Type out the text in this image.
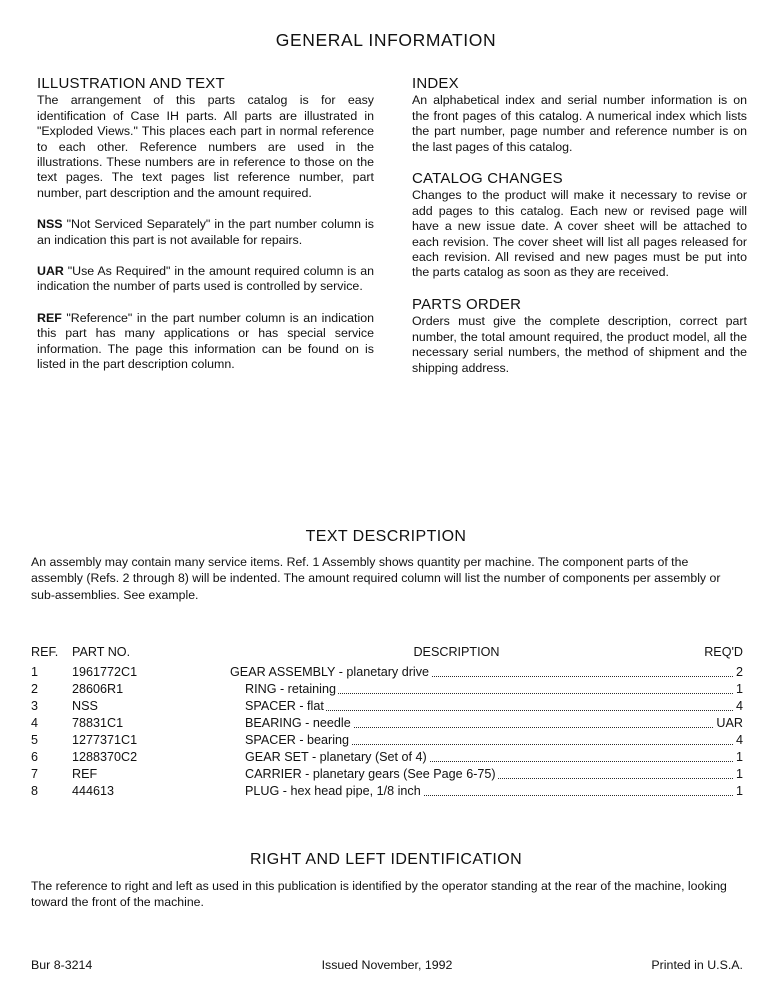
GENERAL INFORMATION
ILLUSTRATION AND TEXT

The arrangement of this parts catalog is for easy identification of Case IH parts. All parts are illustrated in "Exploded Views." This places each part in normal reference to each other. Reference numbers are used in the illustrations. These numbers are in reference to those on the text pages. The text pages list reference number, part number, part description and the amount required.

NSS "Not Serviced Separately" in the part number column is an indication this part is not available for repairs.

UAR "Use As Required" in the amount required column is an indication the number of parts used is controlled by service.

REF "Reference" in the part number column is an indication this part has many applications or has special service information. The page this information can be found on is listed in the part description column.

INDEX

An alphabetical index and serial number information is on the front pages of this catalog. A numerical index which lists the part number, page number and reference number is on the last pages of this catalog.

CATALOG CHANGES

Changes to the product will make it necessary to revise or add pages to this catalog. Each new or revised page will have a new issue date. A cover sheet will be attached to each revision. The cover sheet will list all pages released for each revision. All revised and new pages must be put into the parts catalog as soon as they are received.

PARTS ORDER

Orders must give the complete description, correct part number, the total amount required, the product model, all the necessary serial numbers, the method of shipment and the shipping address.

TEXT DESCRIPTION
An assembly may contain many service items. Ref. 1 Assembly shows quantity per machine. The component parts of the assembly (Refs. 2 through 8) will be indented. The amount required column will list the number of components per assembly or sub-assemblies. See example.
REF.	PART NO.	DESCRIPTION	REQ'D
1	1961772C1	GEAR ASSEMBLY - planetary drive	2
2	28606R1	RING - retaining	1
3	NSS	SPACER - flat	4
4	78831C1	BEARING - needle	UAR
5	1277371C1	SPACER - bearing	4
6	1288370C2	GEAR SET - planetary (Set of 4)	1
7	REF	CARRIER - planetary gears (See Page 6-75)	1
8	444613	PLUG - hex head pipe, 1/8 inch	1
RIGHT AND LEFT IDENTIFICATION
The reference to right and left as used in this publication is identified by the operator standing at the rear of the machine, looking toward the front of the machine.
Issued November, 1992
Bur 8-3214	Printed in U.S.A.
